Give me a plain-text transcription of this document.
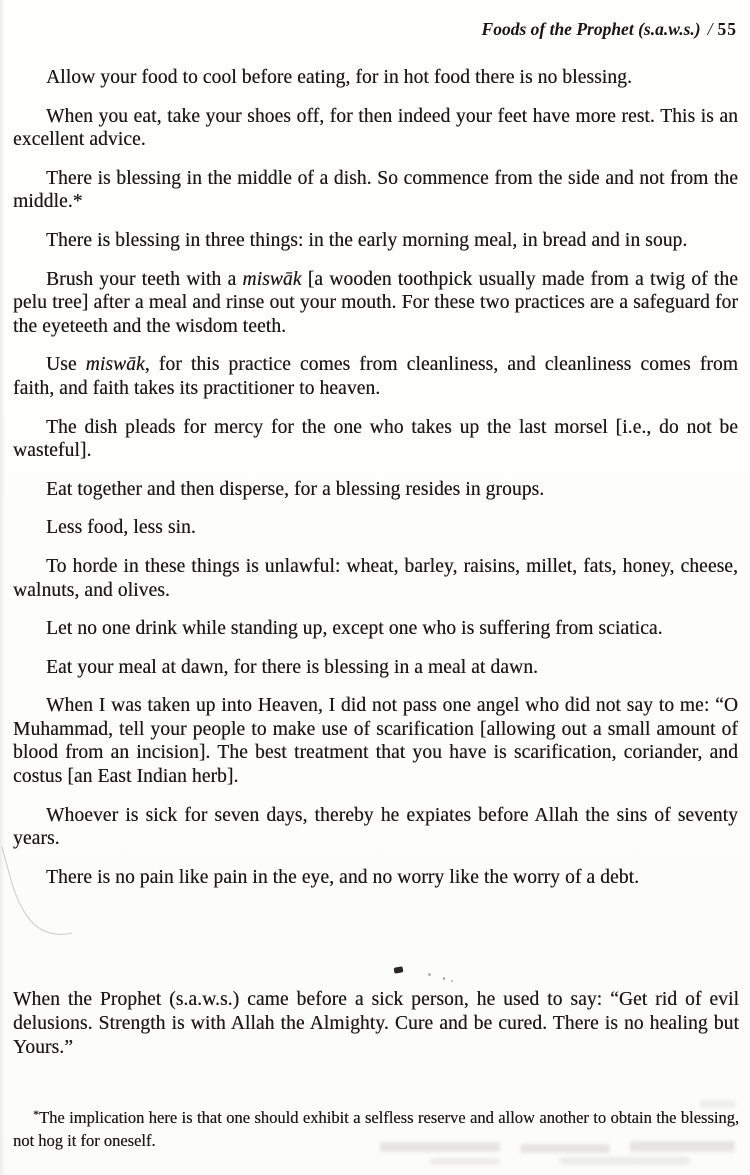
Foods of the Prophet (s.a.w.s.) / 55

Allow your food to cool before eating, for in hot food there is no blessing.

When you eat, take your shoes off, for then indeed your feet have more rest. This is an excellent advice.

There is blessing in the middle of a dish. So commence from the side and not from the middle.*

There is blessing in three things: in the early morning meal, in bread and in soup.

Brush your teeth with a miswāk [a wooden toothpick usually made from a twig of the pelu tree] after a meal and rinse out your mouth. For these two practices are a safeguard for the eyeteeth and the wisdom teeth.

Use miswāk, for this practice comes from cleanliness, and cleanliness comes from faith, and faith takes its practitioner to heaven.

The dish pleads for mercy for the one who takes up the last morsel [i.e., do not be wasteful].

Eat together and then disperse, for a blessing resides in groups.

Less food, less sin.

To horde in these things is unlawful: wheat, barley, raisins, millet, fats, honey, cheese, walnuts, and olives.

Let no one drink while standing up, except one who is suffering from sciatica.

Eat your meal at dawn, for there is blessing in a meal at dawn.

When I was taken up into Heaven, I did not pass one angel who did not say to me: “O Muhammad, tell your people to make use of scarification [allowing out a small amount of blood from an incision]. The best treatment that you have is scarification, coriander, and costus [an East Indian herb].

Whoever is sick for seven days, thereby he expiates before Allah the sins of seventy years.

There is no pain like pain in the eye, and no worry like the worry of a debt.

When the Prophet (s.a.w.s.) came before a sick person, he used to say: “Get rid of evil delusions. Strength is with Allah the Almighty. Cure and be cured. There is no healing but Yours.”

*The implication here is that one should exhibit a selfless reserve and allow another to obtain the blessing, not hog it for oneself.
